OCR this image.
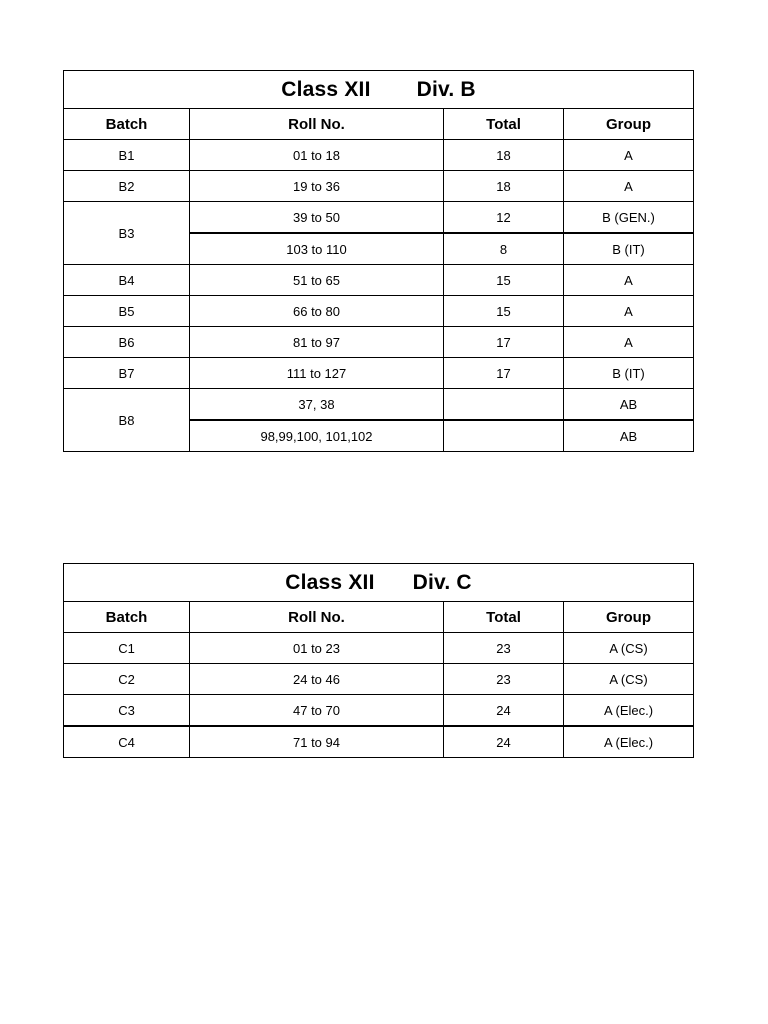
Class XII Div. B			
Batch	Roll No.	Total	Group
B1	01 to 18	18	A
B2	19 to 36	18	A
B3	39 to 50	12	B (GEN.)
	103 to 110	8	B (IT)
B4	51 to 65	15	A
B5	66 to 80	15	A
B6	81 to 97	17	A
B7	111 to 127	17	B (IT)
B8	37, 38		AB
	98,99,100, 101,102		AB
Class XII Div. C			
Batch	Roll No.	Total	Group
C1	01 to 23	23	A (CS)
C2	24 to 46	23	A (CS)
C3	47 to 70	24	A (Elec.)
C4	71 to 94	24	A (Elec.)
